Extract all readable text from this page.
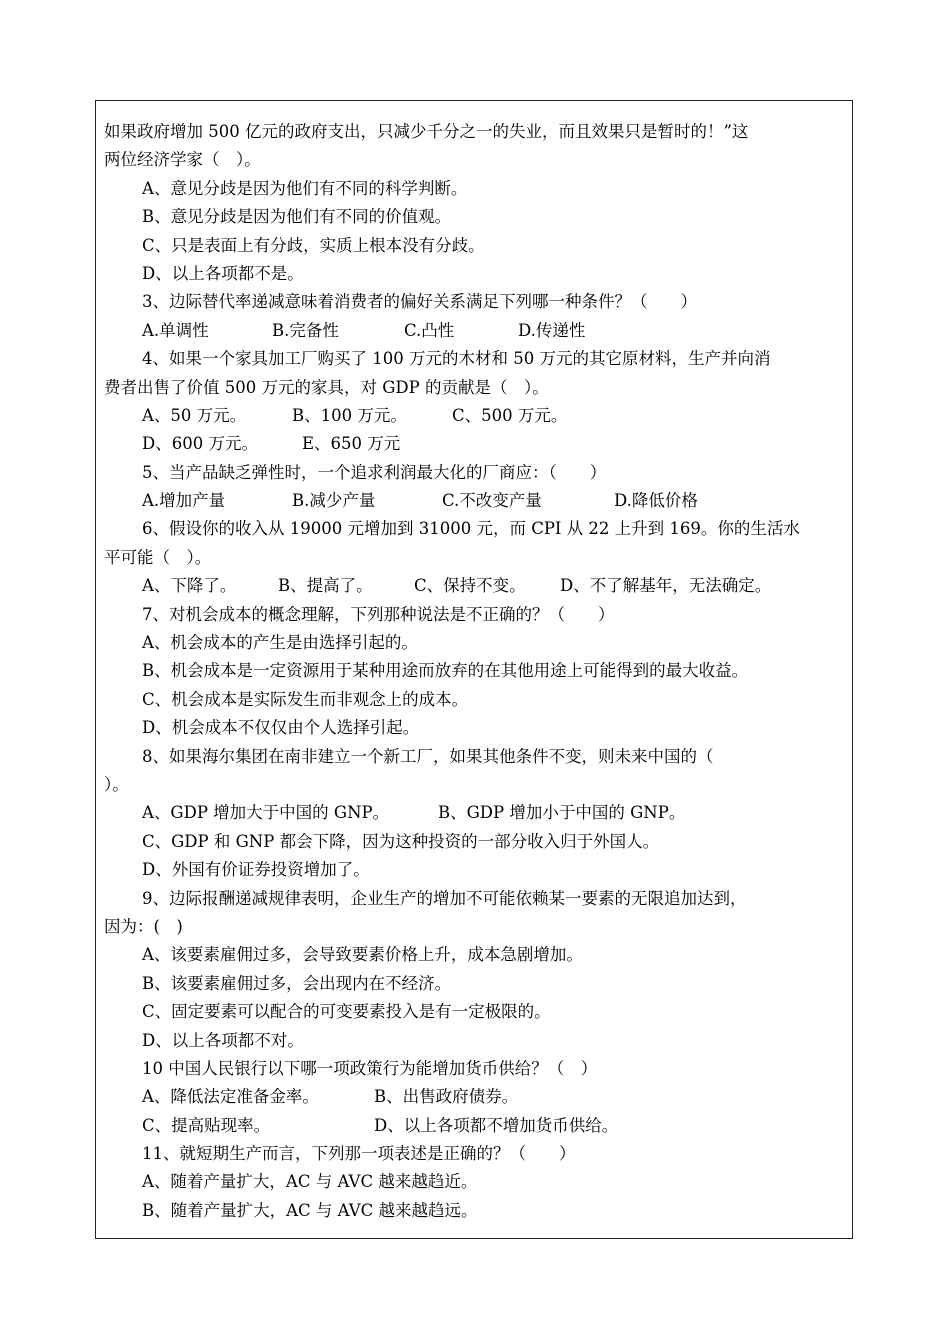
如果政府增加 500 亿元的政府支出，只减少千分之一的失业，而且效果只是暂时的！”这
两位经济学家（　）。
A、意见分歧是因为他们有不同的科学判断。
B、意见分歧是因为他们有不同的价值观。
C、只是表面上有分歧，实质上根本没有分歧。
D、以上各项都不是。
3、边际替代率递减意味着消费者的偏好关系满足下列哪一种条件？（　　）
A.单调性	B.完备性	C.凸性	D.传递性
4、如果一个家具加工厂购买了 100 万元的木材和 50 万元的其它原材料，生产并向消
费者出售了价值 500 万元的家具，对 GDP 的贡献是（　）。
A、50 万元。	B、100 万元。	C、500 万元。
D、600 万元。	E、650 万元
5、当产品缺乏弹性时，一个追求利润最大化的厂商应：（　　）
A.增加产量	B.减少产量	C.不改变产量	D.降低价格
6、假设你的收入从 19000 元增加到 31000 元，而 CPI 从 22 上升到 169。你的生活水
平可能（　）。
A、下降了。	B、提高了。	C、保持不变。	D、不了解基年，无法确定。
7、对机会成本的概念理解，下列那种说法是不正确的？（　　）
A、机会成本的产生是由选择引起的。
B、机会成本是一定资源用于某种用途而放弃的在其他用途上可能得到的最大收益。
C、机会成本是实际发生而非观念上的成本。
D、机会成本不仅仅由个人选择引起。
8、如果海尔集团在南非建立一个新工厂，如果其他条件不变，则未来中国的（
）。
A、GDP 增加大于中国的 GNP。	B、GDP 增加小于中国的 GNP。
C、GDP 和 GNP 都会下降，因为这种投资的一部分收入归于外国人。
D、外国有价证券投资增加了。
9、边际报酬递减规律表明，企业生产的增加不可能依赖某一要素的无限追加达到，
因为：(　)
A、该要素雇佣过多，会导致要素价格上升，成本急剧增加。
B、该要素雇佣过多，会出现内在不经济。
C、固定要素可以配合的可变要素投入是有一定极限的。
D、以上各项都不对。
10 中国人民银行以下哪一项政策行为能增加货币供给？（　）
A、降低法定准备金率。	B、出售政府债券。
C、提高贴现率。	D、以上各项都不增加货币供给。
11、就短期生产而言，下列那一项表述是正确的？（　　）
A、随着产量扩大，AC 与 AVC 越来越趋近。
B、随着产量扩大，AC 与 AVC 越来越趋远。
